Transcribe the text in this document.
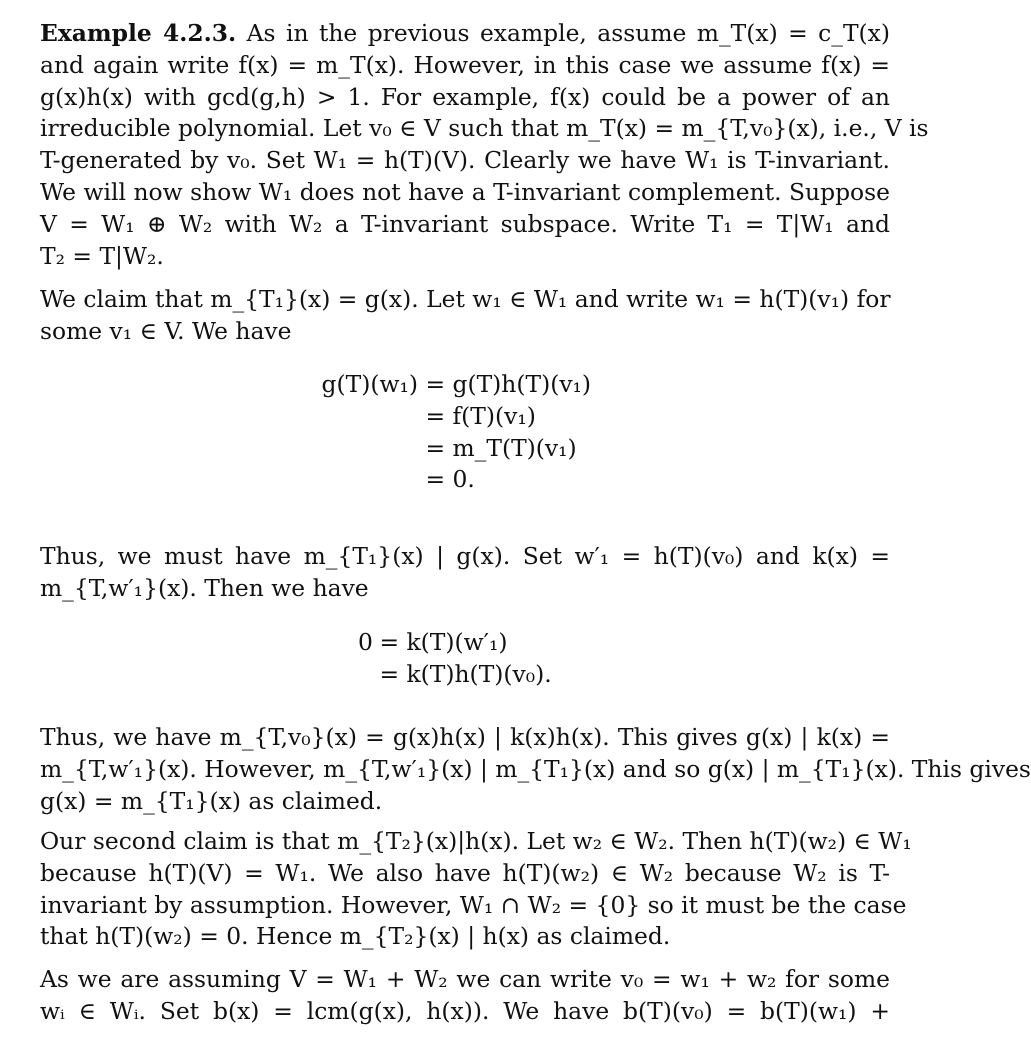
Example 4.2.3. As in the previous example, assume m_T(x) = c_T(x)
and again write f(x) = m_T(x). However, in this case we assume f(x) =
g(x)h(x) with gcd(g,h) > 1. For example, f(x) could be a power of an
irreducible polynomial. Let v₀ ∈ V such that m_T(x) = m_{T,v₀}(x), i.e., V is
T-generated by v₀. Set W₁ = h(T)(V). Clearly we have W₁ is T-invariant.
We will now show W₁ does not have a T-invariant complement. Suppose
V = W₁ ⊕ W₂ with W₂ a T-invariant subspace. Write T₁ = T|W₁ and
T₂ = T|W₂.
We claim that m_{T₁}(x) = g(x). Let w₁ ∈ W₁ and write w₁ = h(T)(v₁) for
some v₁ ∈ V. We have
g(T)(w₁) = g(T)h(T)(v₁)
= f(T)(v₁)
= m_T(T)(v₁)
= 0.
Thus, we must have m_{T₁}(x) | g(x). Set w′₁ = h(T)(v₀) and k(x) =
m_{T,w′₁}(x). Then we have
0 = k(T)(w′₁)
= k(T)h(T)(v₀).
Thus, we have m_{T,v₀}(x) = g(x)h(x) | k(x)h(x). This gives g(x) | k(x) =
m_{T,w′₁}(x). However, m_{T,w′₁}(x) | m_{T₁}(x) and so g(x) | m_{T₁}(x). This gives
g(x) = m_{T₁}(x) as claimed.
Our second claim is that m_{T₂}(x)|h(x). Let w₂ ∈ W₂. Then h(T)(w₂) ∈ W₁
because h(T)(V) = W₁. We also have h(T)(w₂) ∈ W₂ because W₂ is T-
invariant by assumption. However, W₁ ∩ W₂ = {0} so it must be the case
that h(T)(w₂) = 0. Hence m_{T₂}(x) | h(x) as claimed.
As we are assuming V = W₁ + W₂ we can write v₀ = w₁ + w₂ for some
wᵢ ∈ Wᵢ. Set b(x) = lcm(g(x), h(x)). We have b(T)(v₀) = b(T)(w₁) +
